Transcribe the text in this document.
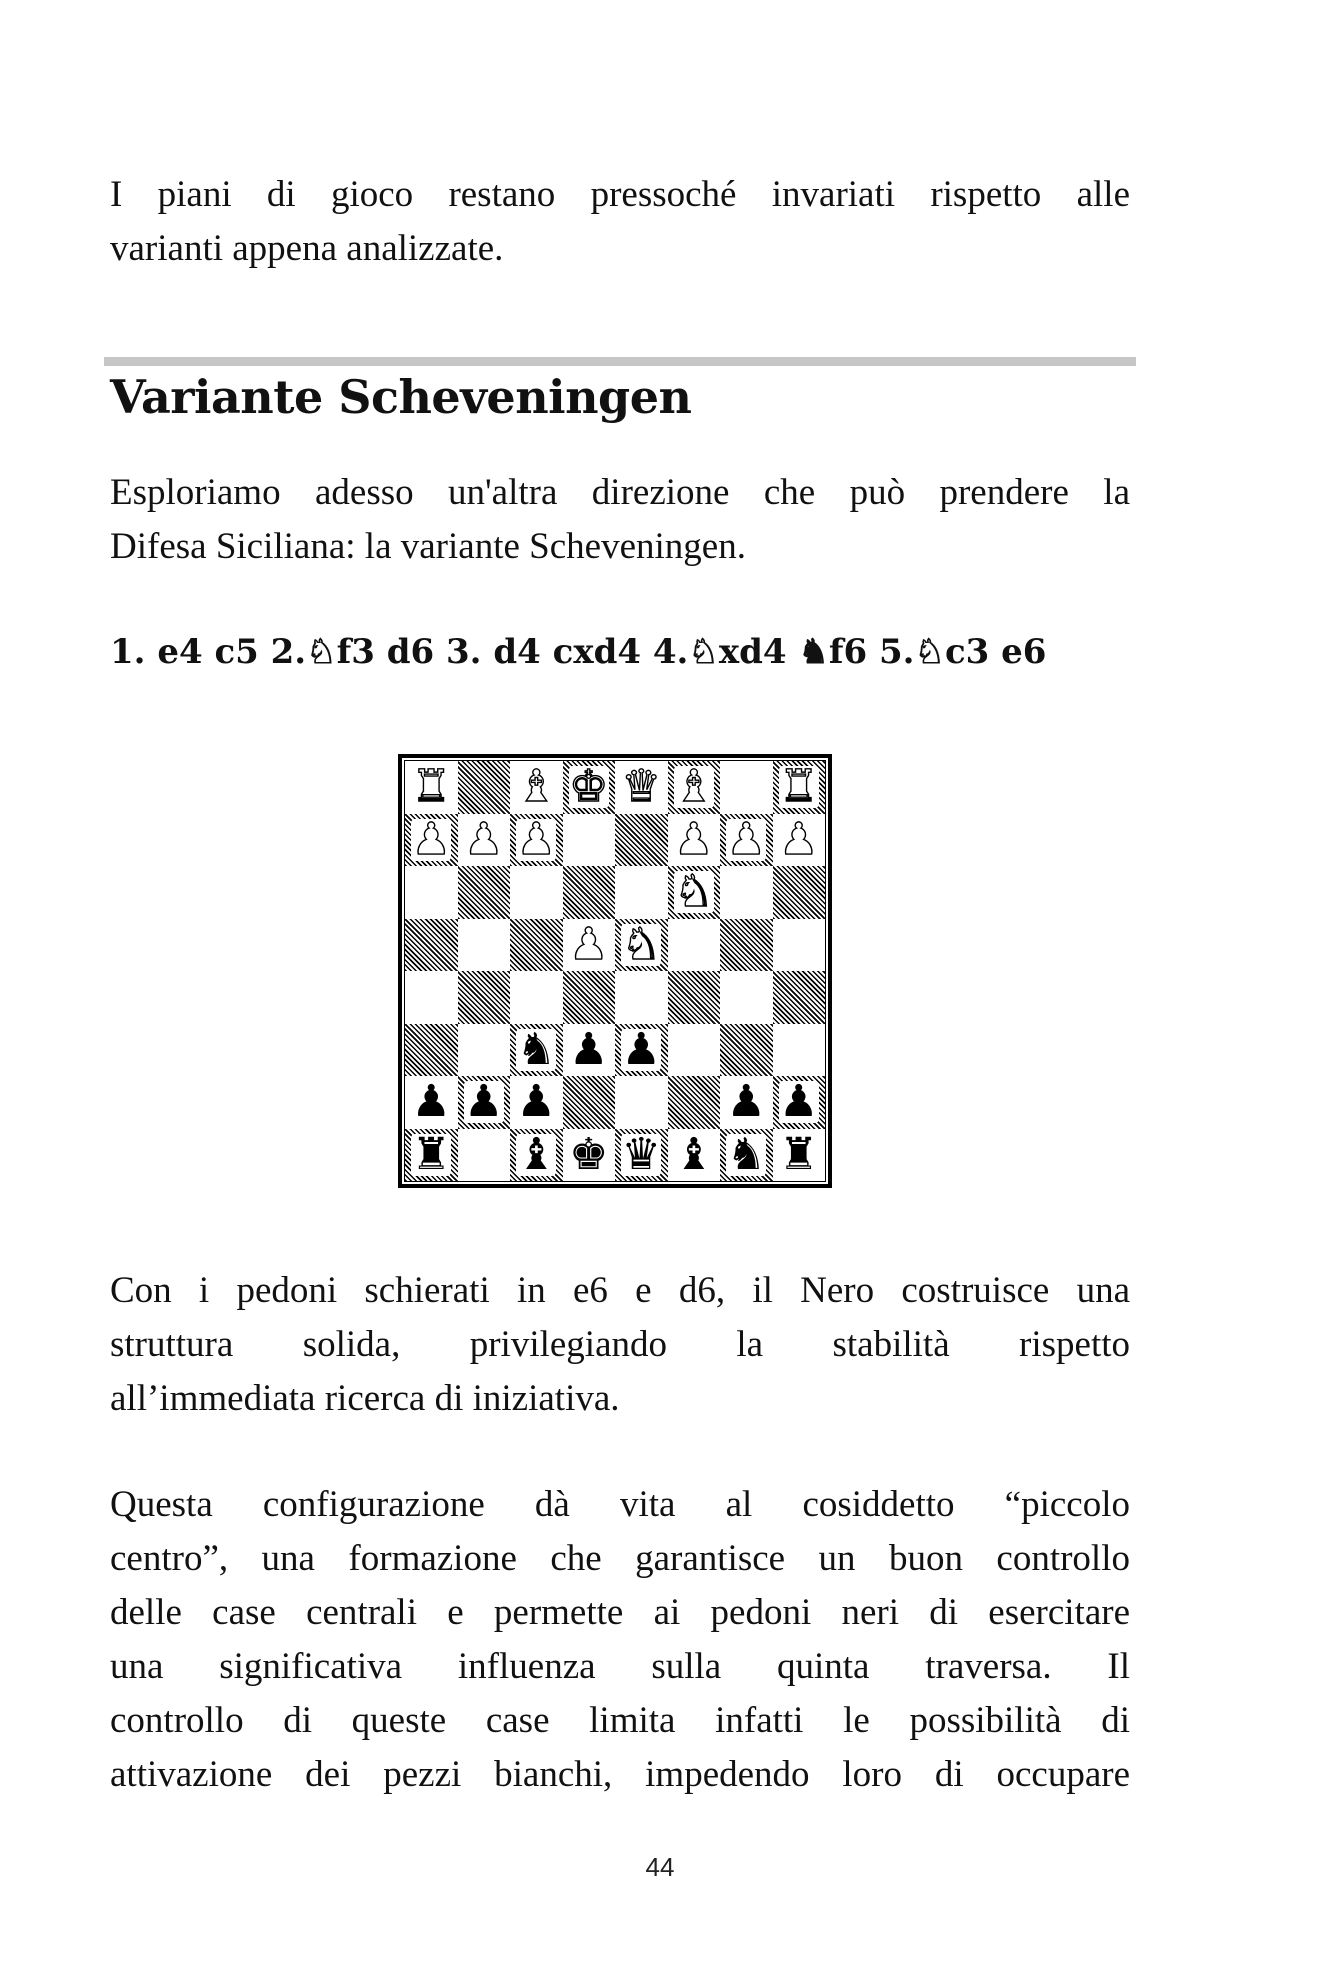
I piani di gioco restano pressoché invariati rispetto alle
varianti appena analizzate.

Variante Scheveningen

Esploriamo adesso un'altra direzione che può prendere la
Difesa Siciliana: la variante Scheveningen.

1. e4 c5 2.♘f3 d6 3. d4 cxd4 4.♘xd4 ♞f6 5.♘c3 e6

♜ ♝ ♚ ♛ ♝ ♜
♟ ♟ ♟	♟ ♟ ♟
♞
♟ ♞
♞ ♟ ♟
♟ ♟ ♟	♟ ♟
♜ ♝ ♚ ♛ ♝ ♞ ♜

Con i pedoni schierati in e6 e d6, il Nero costruisce una
struttura solida, privilegiando la stabilità rispetto
all’immediata ricerca di iniziativa.

Questa configurazione dà vita al cosiddetto “piccolo
centro”, una formazione che garantisce un buon controllo
delle case centrali e permette ai pedoni neri di esercitare
una significativa influenza sulla quinta traversa. Il
controllo di queste case limita infatti le possibilità di
attivazione dei pezzi bianchi, impedendo loro di occupare

44
